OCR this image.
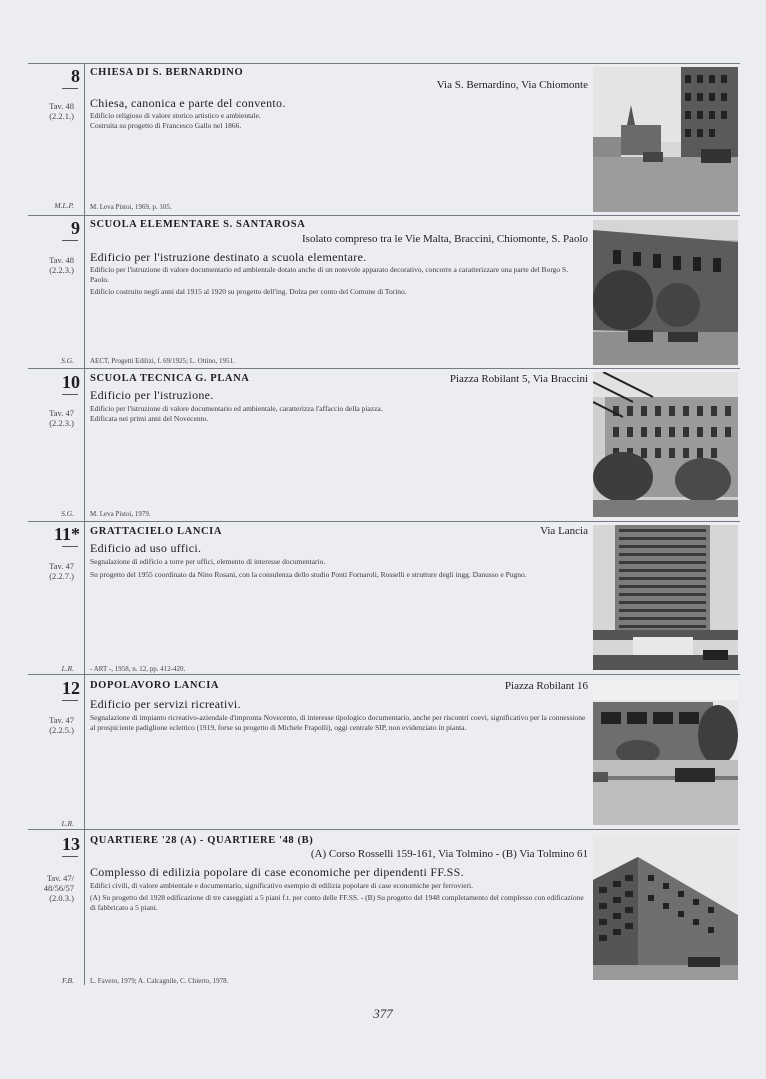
8
Tav. 48
(2.2.1.)
M.L.P.
CHIESA DI S. BERNARDINO
Via S. Bernardino, Via Chiomonte
Chiesa, canonica e parte del convento.

Edificio religioso di valore storico artistico e ambientale.

Costruita su progetto di Francesco Gallo nel 1866.

M. Leva Pistoi, 1969, p. 105.
9
Tav. 48
(2.2.3.)
S.G.
SCUOLA ELEMENTARE S. SANTAROSA
Isolato compreso tra le Vie Malta, Braccini, Chiomonte, S. Paolo
Edificio per l'istruzione destinato a scuola elementare.

Edificio per l'istruzione di valore documentario ed ambientale dotato anche di un notevole apparato decorativo, concorre a caratterizzare una parte del Borgo S. Paolo.

Edificio costruito negli anni dal 1915 al 1920 su progetto dell'ing. Dolza per conto del Comune di Torino.

AECT, Progetti Edilizi, f. 69/1925; L. Ottino, 1951.
10
Tav. 47
(2.2.3.)
S.G.
SCUOLA TECNICA G. PLANA	Piazza Robilant 5, Via Braccini
Edificio per l'istruzione.

Edificio per l'istruzione di valore documentario ed ambientale, caratterizza l'affaccio della piazza.

Edificata nei primi anni del Novecento.

M. Leva Pistoi, 1979.
11*
Tav. 47
(2.2.7.)
L.R.
GRATTACIELO LANCIA	Via Lancia
Edificio ad uso uffici.

Segnalazione di edificio a torre per uffici, elemento di interesse documentario.

Su progetto del 1955 coordinato da Nino Rosani, con la consulenza dello studio Ponti Fornaroli, Rosselli e strutture degli ingg. Danusso e Pugno.

- ART -, 1958, n. 12, pp. 412-420.
12
Tav. 47
(2.2.5.)
L.R.
DOPOLAVORO LANCIA	Piazza Robilant 16
Edificio per servizi ricreativi.

Segnalazione di impianto ricreativo-aziendale d'impronta Novecento, di interesse tipologico documentario, anche per riscontri coevi, significativo per la connessione al prospiciente padiglione eclettico (1919, forse su progetto di Michele Frapolli), oggi centrale SIP, non evidenziato in pianta.

13
Tav. 47/
48/56/57
(2.0.3.)
F.B.
QUARTIERE '28 (A) - QUARTIERE '48 (B)
(A) Corso Rosselli 159-161, Via Tolmino - (B) Via Tolmino 61
Complesso di edilizia popolare di case economiche per dipendenti FF.SS.

Edifici civili, di valore ambientale e documentario, significativo esempio di edilizia popolare di case economiche per ferrovieri.

(A) Su progetto del 1928 edificazione di tre caseggiati a 5 piani f.t. per conto delle FF.SS. - (B) Su progetto del 1948 completamento del complesso con edificazione di fabbricato a 5 piani.

L. Favero, 1979; A. Calcagnile, C. Chierto, 1978.
377
